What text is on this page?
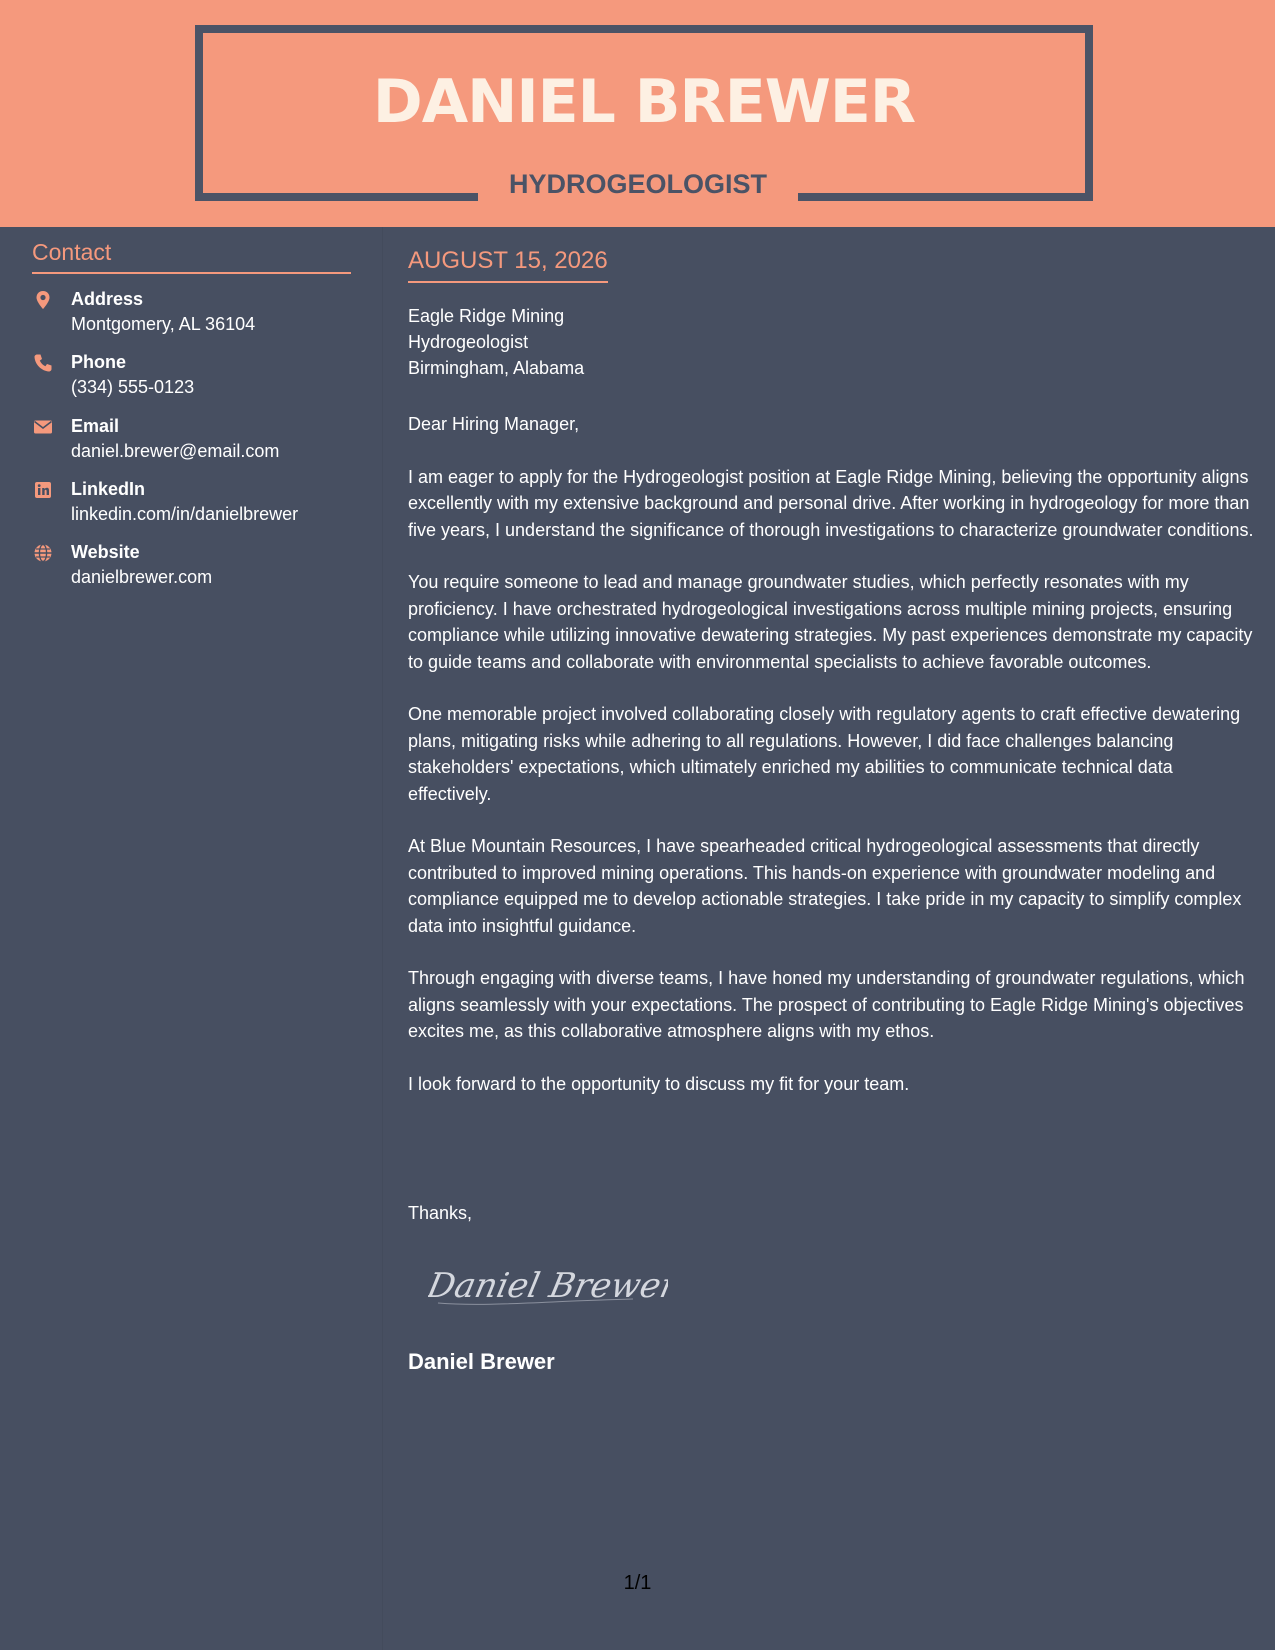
DANIEL BREWER
HYDROGEOLOGIST
Contact
Address
Montgomery, AL 36104
Phone
(334) 555-0123
Email
daniel.brewer@email.com
LinkedIn
linkedin.com/in/danielbrewer
Website
danielbrewer.com
AUGUST 15, 2026
Eagle Ridge Mining
Hydrogeologist
Birmingham, Alabama

Dear Hiring Manager,

I am eager to apply for the Hydrogeologist position at Eagle Ridge Mining, believing the opportunity aligns excellently with my extensive background and personal drive. After working in hydrogeology for more than five years, I understand the significance of thorough investigations to characterize groundwater conditions.

You require someone to lead and manage groundwater studies, which perfectly resonates with my proficiency. I have orchestrated hydrogeological investigations across multiple mining projects, ensuring compliance while utilizing innovative dewatering strategies. My past experiences demonstrate my capacity to guide teams and collaborate with environmental specialists to achieve favorable outcomes.

One memorable project involved collaborating closely with regulatory agents to craft effective dewatering plans, mitigating risks while adhering to all regulations. However, I did face challenges balancing stakeholders' expectations, which ultimately enriched my abilities to communicate technical data effectively.

At Blue Mountain Resources, I have spearheaded critical hydrogeological assessments that directly contributed to improved mining operations. This hands-on experience with groundwater modeling and compliance equipped me to develop actionable strategies. I take pride in my capacity to simplify complex data into insightful guidance.

Through engaging with diverse teams, I have honed my understanding of groundwater regulations, which aligns seamlessly with your expectations. The prospect of contributing to Eagle Ridge Mining's objectives excites me, as this collaborative atmosphere aligns with my ethos.

I look forward to the opportunity to discuss my fit for your team.

Thanks,
Daniel Brewer
Daniel Brewer
1/1
